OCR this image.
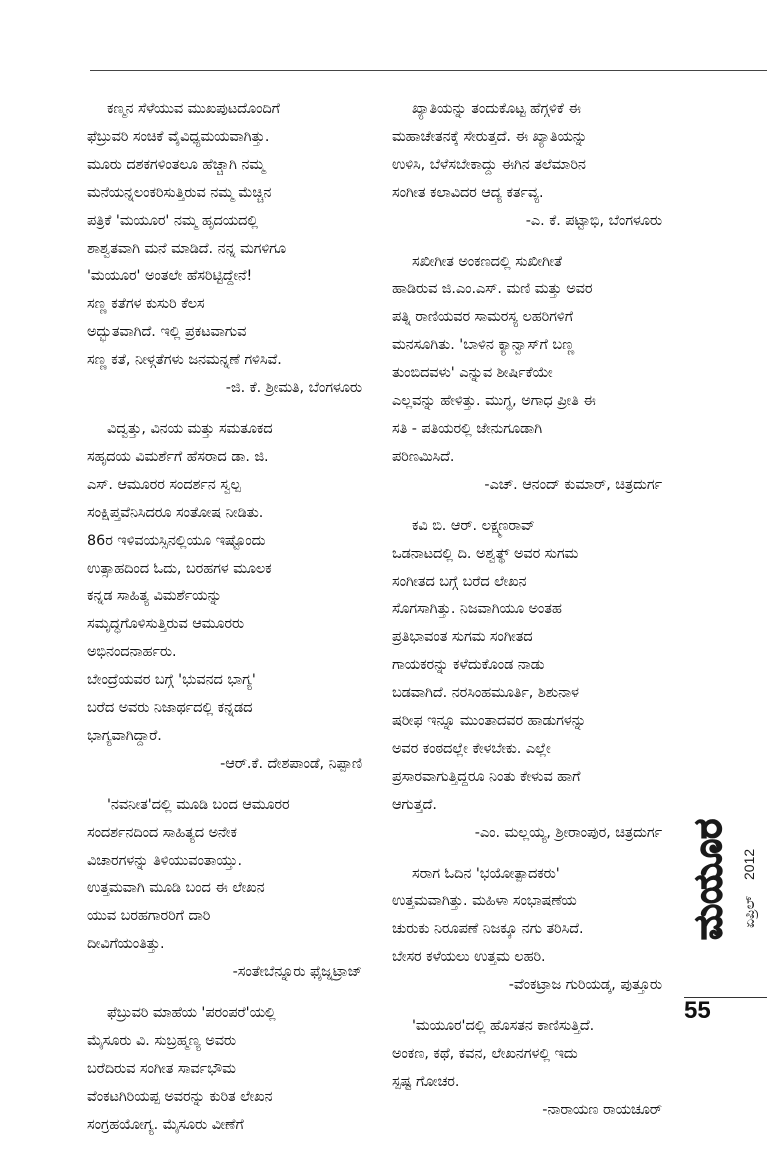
ಕಣ್ಮನ ಸೆಳೆಯುವ ಮುಖಪುಟದೊಂದಿಗೆ

ಫೆಬ್ರುವರಿ ಸಂಚಿಕೆ ವೈವಿಧ್ಯಮಯವಾಗಿತ್ತು.

ಮೂರು ದಶಕಗಳಿಂತಲೂ ಹೆಚ್ಚಾಗಿ ನಮ್ಮ

ಮನೆಯನ್ನಲಂಕರಿಸುತ್ತಿರುವ ನಮ್ಮ ಮೆಚ್ಚಿನ

ಪತ್ರಿಕೆ 'ಮಯೂರ' ನಮ್ಮ ಹೃದಯದಲ್ಲಿ

ಶಾಶ್ವತವಾಗಿ ಮನೆ ಮಾಡಿದೆ. ನನ್ನ ಮಗಳಿಗೂ

'ಮಯೂರ' ಅಂತಲೇ ಹೆಸರಿಟ್ಟಿದ್ದೇನೆ!

ಸಣ್ಣ ಕತೆಗಳ ಕುಸುರಿ ಕೆಲಸ

ಅದ್ಭುತವಾಗಿದೆ. ಇಲ್ಲಿ ಪ್ರಕಟವಾಗುವ

ಸಣ್ಣ ಕತೆ, ನೀಳ್ಗತೆಗಳು ಜನಮನ್ನಣೆ ಗಳಿಸಿವೆ.

-ಜಿ. ಕೆ. ಶ್ರೀಮತಿ, ಬೆಂಗಳೂರು

ವಿದ್ವತ್ತು, ವಿನಯ ಮತ್ತು ಸಮತೂಕದ

ಸಹೃದಯ ವಿಮರ್ಶೆಗೆ ಹೆಸರಾದ ಡಾ. ಜಿ.

ಎಸ್. ಆಮೂರರ ಸಂದರ್ಶನ ಸ್ವಲ್ಪ

ಸಂಕ್ಷಿಪ್ತವೆನಿಸಿದರೂ ಸಂತೋಷ ನೀಡಿತು.

86ರ ಇಳಿವಯಸ್ಸಿನಲ್ಲಿಯೂ ಇಷ್ಟೊಂದು

ಉತ್ಸಾಹದಿಂದ ಓದು, ಬರಹಗಳ ಮೂಲಕ

ಕನ್ನಡ ಸಾಹಿತ್ಯ ವಿಮರ್ಶೆಯನ್ನು

ಸಮೃದ್ಧಗೊಳಿಸುತ್ತಿರುವ ಆಮೂರರು

ಅಭಿನಂದನಾರ್ಹರು.

ಬೇಂದ್ರೆಯವರ ಬಗ್ಗೆ 'ಭುವನದ ಭಾಗ್ಯ'

ಬರೆದ ಅವರು ನಿಜಾರ್ಥದಲ್ಲಿ ಕನ್ನಡದ

ಭಾಗ್ಯವಾಗಿದ್ದಾರೆ.

-ಆರ್.ಕೆ. ದೇಶಪಾಂಡೆ, ನಿಪ್ಪಾಣಿ

'ನವನೀತ'ದಲ್ಲಿ ಮೂಡಿ ಬಂದ ಆಮೂರರ

ಸಂದರ್ಶನದಿಂದ ಸಾಹಿತ್ಯದ ಅನೇಕ

ವಿಚಾರಗಳನ್ನು ತಿಳಿಯುವಂತಾಯ್ತು.

ಉತ್ತಮವಾಗಿ ಮೂಡಿ ಬಂದ ಈ ಲೇಖನ

ಯುವ ಬರಹಗಾರರಿಗೆ ದಾರಿ

ದೀವಿಗೆಯಂತಿತ್ತು.

-ಸಂತೇಬೆನ್ನೂರು ಫೈಜ್ನಟ್ರಾಜ್

ಫೆಬ್ರುವರಿ ಮಾಹೆಯ 'ಪರಂಪರೆ'ಯಲ್ಲಿ

ಮೈಸೂರು ವಿ. ಸುಬ್ರಹ್ಮಣ್ಯ ಅವರು

ಬರೆದಿರುವ ಸಂಗೀತ ಸಾರ್ವಭೌಮ

ವೆಂಕಟಗಿರಿಯಪ್ಪ ಅವರನ್ನು ಕುರಿತ ಲೇಖನ

ಸಂಗ್ರಹಯೋಗ್ಯ. ಮೈಸೂರು ವೀಣೆಗೆ

ಖ್ಯಾತಿಯನ್ನು ತಂದುಕೊಟ್ಟ ಹೆಗ್ಗಳಿಕೆ ಈ

ಮಹಾಚೇತನಕ್ಕೆ ಸೇರುತ್ತದೆ. ಈ ಖ್ಯಾತಿಯನ್ನು

ಉಳಿಸಿ, ಬೆಳೆಸಬೇಕಾದ್ದು ಈಗಿನ ತಲೆಮಾರಿನ

ಸಂಗೀತ ಕಲಾವಿದರ ಆದ್ಯ ಕರ್ತವ್ಯ.

-ಎ. ಕೆ. ಪಟ್ಟಾಭಿ, ಬೆಂಗಳೂರು

ಸಖೀಗೀತ ಅಂಕಣದಲ್ಲಿ ಸುಖೀಗೀತೆ

ಹಾಡಿರುವ ಜಿ.ಎಂ.ಎಸ್. ಮಣಿ ಮತ್ತು ಅವರ

ಪತ್ನಿ ರಾಣಿಯವರ ಸಾಮರಸ್ಯ ಲಹರಿಗಳಿಗೆ

ಮನಸೂಗಿತು. 'ಬಾಳಿನ ಕ್ಯಾನ್ವಾಸ್‌ಗೆ ಬಣ್ಣ

ತುಂಬಿದವಳು' ಎನ್ನುವ ಶೀರ್ಷಿಕೆಯೇ

ಎಲ್ಲವನ್ನು ಹೇಳಿತ್ತು. ಮುಗ್ಧ, ಅಗಾಧ ಪ್ರೀತಿ ಈ

ಸತಿ - ಪತಿಯರಲ್ಲಿ ಜೇನುಗೂಡಾಗಿ

ಪರಿಣಮಿಸಿದೆ.

-ಎಚ್. ಆನಂದ್ ಕುಮಾರ್, ಚಿತ್ರದುರ್ಗ

ಕವಿ ಬಿ. ಆರ್. ಲಕ್ಷ್ಮಣರಾವ್

ಒಡನಾಟದಲ್ಲಿ ದಿ. ಅಶ್ವತ್ಥ್ ಅವರ ಸುಗಮ

ಸಂಗೀತದ ಬಗ್ಗೆ ಬರೆದ ಲೇಖನ

ಸೊಗಸಾಗಿತ್ತು. ನಿಜವಾಗಿಯೂ ಅಂತಹ

ಪ್ರತಿಭಾವಂತ ಸುಗಮ ಸಂಗೀತದ

ಗಾಯಕರನ್ನು ಕಳೆದುಕೊಂಡ ನಾಡು

ಬಡವಾಗಿದೆ. ನರಸಿಂಹಮೂರ್ತಿ, ಶಿಶುನಾಳ

ಷರೀಫ ಇನ್ನೂ ಮುಂತಾದವರ ಹಾಡುಗಳನ್ನು

ಅವರ ಕಂಠದಲ್ಲೇ ಕೇಳಬೇಕು. ಎಲ್ಲೇ

ಪ್ರಸಾರವಾಗುತ್ತಿದ್ದರೂ ನಿಂತು ಕೇಳುವ ಹಾಗೆ

ಆಗುತ್ತದೆ.

-ಎಂ. ಮಲ್ಲಯ್ಯ, ಶ್ರೀರಾಂಪುರ, ಚಿತ್ರದುರ್ಗ

ಸರಾಗ ಓದಿನ 'ಭಯೋತ್ಪಾದಕರು'

ಉತ್ತಮವಾಗಿತ್ತು. ಮಹಿಳಾ ಸಂಭಾಷಣೆಯ

ಚುರುಕು ನಿರೂಪಣೆ ನಿಜಕ್ಕೂ ನಗು ತರಿಸಿದೆ.

ಬೇಸರ ಕಳೆಯಲು ಉತ್ತಮ ಲಹರಿ.

-ವೆಂಕಟ್ರಾಜ ಗುರಿಯಡ್ಕ, ಪುತ್ತೂರು

'ಮಯೂರ'ದಲ್ಲಿ ಹೊಸತನ ಕಾಣಿಸುತ್ತಿದೆ.

ಅಂಕಣ, ಕಥೆ, ಕವನ, ಲೇಖನಗಳಲ್ಲಿ ಇದು

ಸ್ಪಷ್ಟ ಗೋಚರ.

-ನಾರಾಯಣ ರಾಯಚೂರ್

ಮಯೂರ ಏಪ್ರಿಲ್
2012
55
